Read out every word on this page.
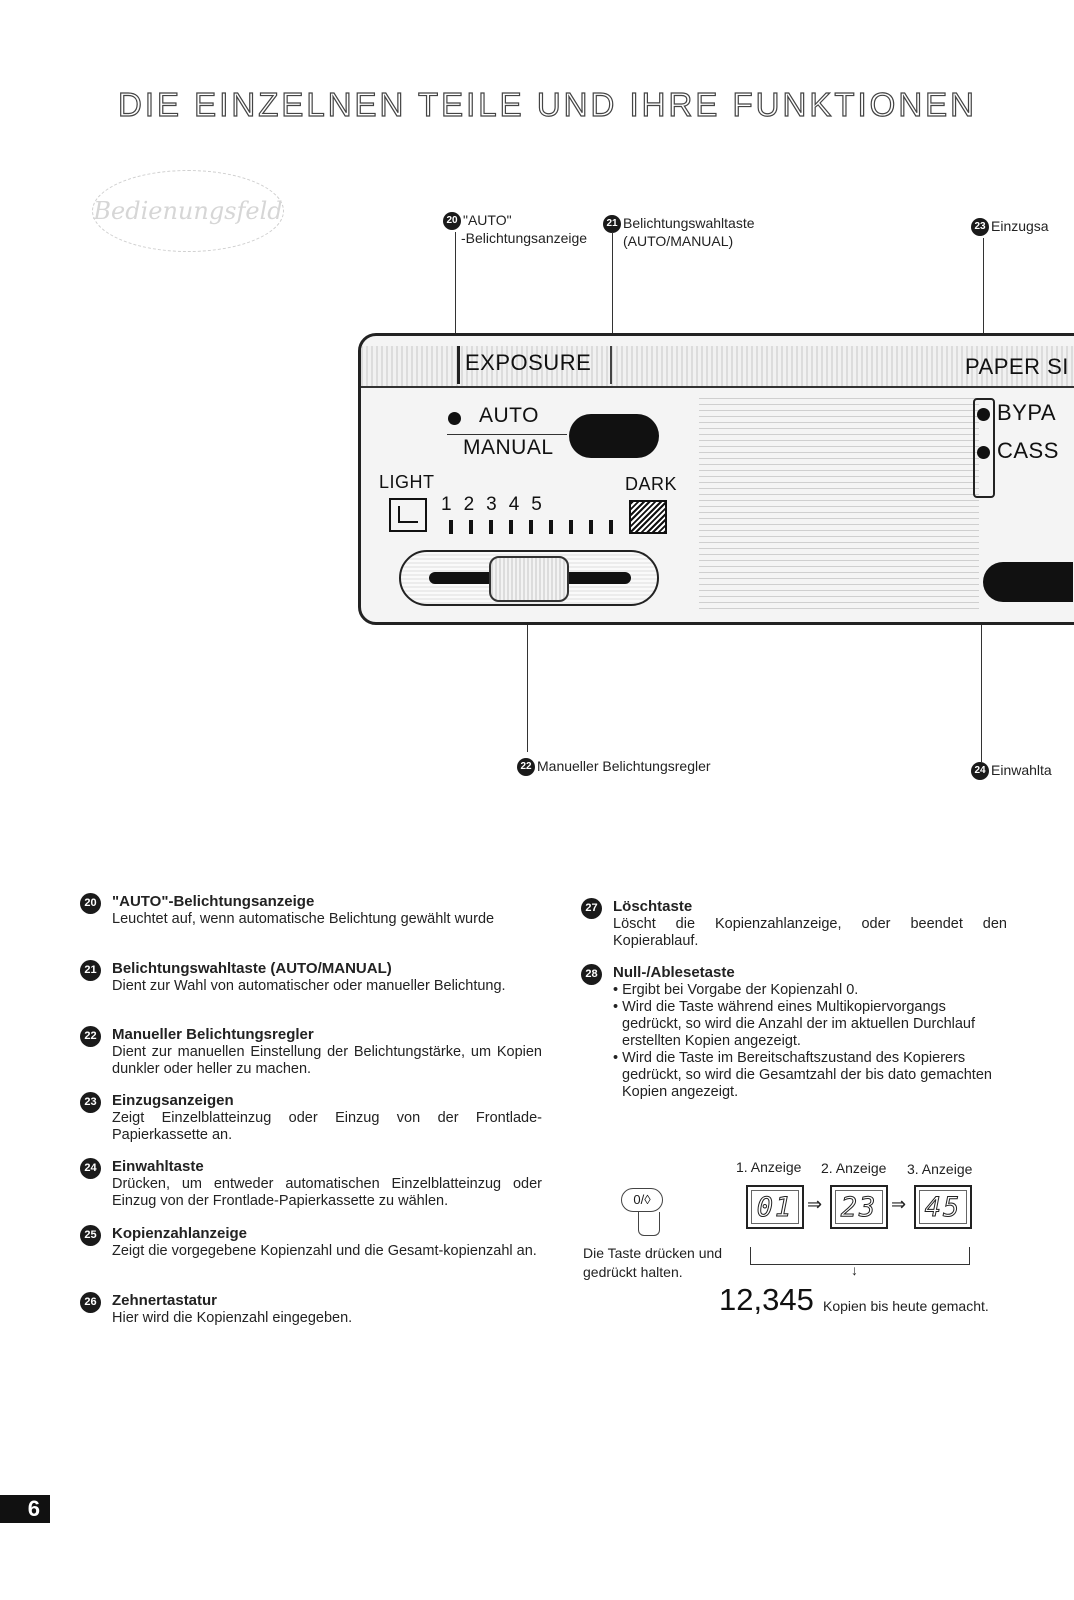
DIE EINZELNEN TEILE UND IHRE FUNKTIONEN
Bedienungsfeld	20 "AUTO"
-Belichtungsanzeige
21 Belichtungswahltaste
(AUTO/MANUAL)
23 Einzugsa
EXPOSURE
AUTO
MANUAL
LIGHT	DARK
12345
PAPER SI
BYPA
CASS
22 Manueller Belichtungsregler	24 Einwahlta
20 "AUTO"-Belichtungsanzeige
Leuchtet auf, wenn automatische Belichtung gewählt wurde
21 Belichtungswahltaste (AUTO/MANUAL)
Dient zur Wahl von automatischer oder manueller Belichtung.
22 Manueller Belichtungsregler
Dient zur manuellen Einstellung der Belichtungstärke, um Kopien dunkler oder heller zu machen.
23 Einzugsanzeigen
Zeigt Einzelblatteinzug oder Einzug von der Frontlade-Papierkassette an.
24 Einwahltaste
Drücken, um entweder automatischen Einzelblatteinzug oder Einzug von der Frontlade-Papierkassette zu wählen.
25 Kopienzahlanzeige
Zeigt die vorgegebene Kopienzahl und die Gesamt-kopienzahl an.
26 Zehnertastatur
Hier wird die Kopienzahl eingegeben.
27 Löschtaste
Löscht die Kopienzahlanzeige, oder beendet den Kopierablauf.
28 Null-/Ablesetaste
• Ergibt bei Vorgabe der Kopienzahl 0.
• Wird die Taste während eines Multikopiervorgangs gedrückt, so wird die Anzahl der im aktuellen Durchlauf erstellten Kopien angezeigt.
• Wird die Taste im Bereitschaftszustand des Kopierers gedrückt, so wird die Gesamtzahl der bis dato gemachten Kopien angezeigt.
1. Anzeige 2. Anzeige 3. Anzeige
01 ⇒ 23 ⇒ 45
0/◊
Die Taste drücken und
gedrückt halten.	↓
12,345 Kopien bis heute gemacht.
6
